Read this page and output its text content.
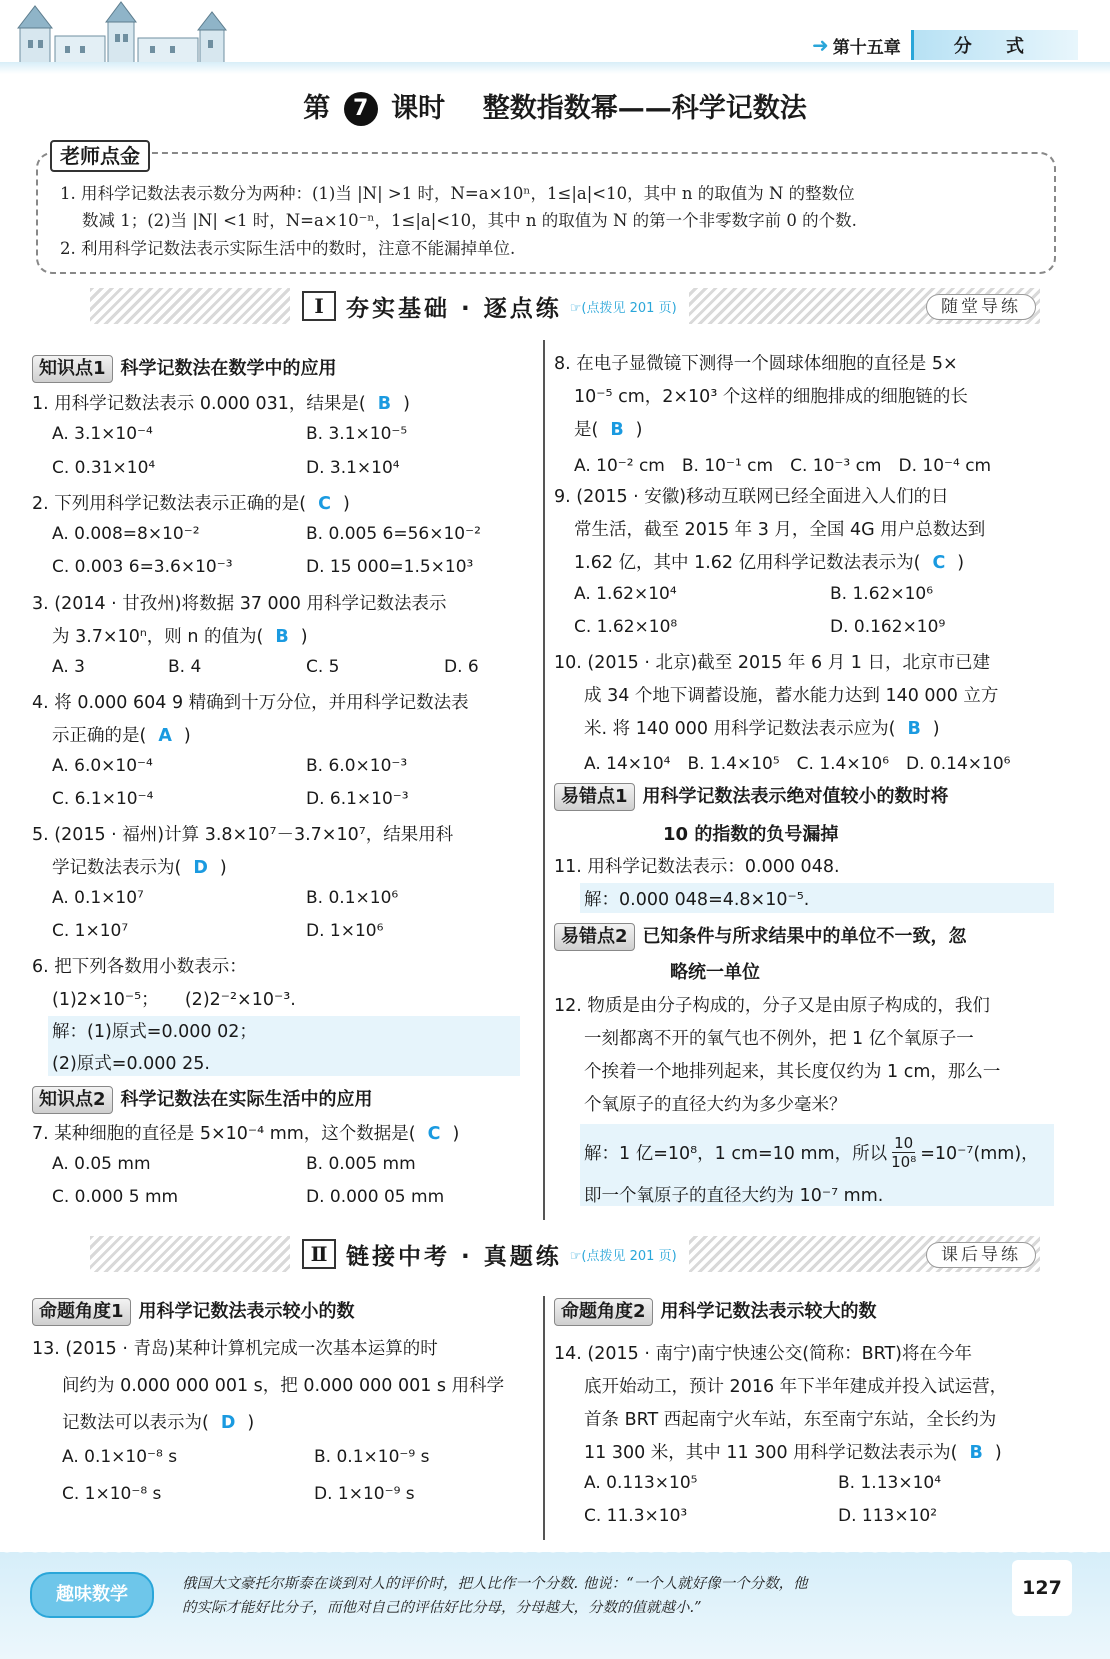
➜ 第十五章	分 式
第 7 课时 整数指数幂——科学记数法
老师点金
1. 用科学记数法表示数分为两种：(1)当 |N| >1 时，N=a×10ⁿ，1≤|a|<10，其中 n 的取值为 N 的整数位
数减 1；(2)当 |N| <1 时，N=a×10⁻ⁿ，1≤|a|<10，其中 n 的取值为 N 的第一个非零数字前 0 的个数.
2. 利用科学记数法表示实际生活中的数时，注意不能漏掉单位.
Ⅰ 夯实基础 · 逐点练 ☞(点拨见 201 页)	随堂导练
知识点1 科学记数法在数学中的应用
1. 用科学记数法表示 0.000 031，结果是( B )
A. 3.1×10⁻⁴	B. 3.1×10⁻⁵
C. 0.31×10⁴	D. 3.1×10⁴
2. 下列用科学记数法表示正确的是( C )
A. 0.008=8×10⁻²	B. 0.005 6=56×10⁻²
C. 0.003 6=3.6×10⁻³	D. 15 000=1.5×10³
3. (2014 · 甘孜州)将数据 37 000 用科学记数法表示
为 3.7×10ⁿ，则 n 的值为( B )
A. 3	B. 4	C. 5	D. 6
4. 将 0.000 604 9 精确到十万分位，并用科学记数法表
示正确的是( A )
A. 6.0×10⁻⁴	B. 6.0×10⁻³
C. 6.1×10⁻⁴	D. 6.1×10⁻³
5. (2015 · 福州)计算 3.8×10⁷－3.7×10⁷，结果用科
学记数法表示为( D )
A. 0.1×10⁷	B. 0.1×10⁶
C. 1×10⁷	D. 1×10⁶
6. 把下列各数用小数表示：
(1)2×10⁻⁵；　　(2)2⁻²×10⁻³.
解：(1)原式=0.000 02；
(2)原式=0.000 25.
知识点2 科学记数法在实际生活中的应用
7. 某种细胞的直径是 5×10⁻⁴ mm，这个数据是( C )
A. 0.05 mm	B. 0.005 mm
C. 0.000 5 mm	D. 0.000 05 mm
8. 在电子显微镜下测得一个圆球体细胞的直径是 5×
10⁻⁵ cm，2×10³ 个这样的细胞排成的细胞链的长
是( B )
A. 10⁻² cm　B. 10⁻¹ cm　C. 10⁻³ cm　D. 10⁻⁴ cm
9. (2015 · 安徽)移动互联网已经全面进入人们的日
常生活，截至 2015 年 3 月，全国 4G 用户总数达到
1.62 亿，其中 1.62 亿用科学记数法表示为( C )
A. 1.62×10⁴	B. 1.62×10⁶
C. 1.62×10⁸	D. 0.162×10⁹
10. (2015 · 北京)截至 2015 年 6 月 1 日，北京市已建
成 34 个地下调蓄设施，蓄水能力达到 140 000 立方
米. 将 140 000 用科学记数法表示应为( B )
A. 14×10⁴　B. 1.4×10⁵　C. 1.4×10⁶　D. 0.14×10⁶
易错点1 用科学记数法表示绝对值较小的数时将
10 的指数的负号漏掉
11. 用科学记数法表示：0.000 048.
解：0.000 048=4.8×10⁻⁵.
易错点2 已知条件与所求结果中的单位不一致，忽
略统一单位
12. 物质是由分子构成的，分子又是由原子构成的，我们
一刻都离不开的氧气也不例外，把 1 亿个氧原子一
个挨着一个地排列起来，其长度仅约为 1 cm，那么一
个氧原子的直径大约为多少毫米？
解：1 亿=10⁸，1 cm=10 mm，所以 $\frac{10}{\text{10⁸}} =10^{-7}(mm)$，
即一个氧原子的直径大约为 10⁻⁷ mm.
Ⅱ 链接中考 · 真题练 ☞(点拨见 201 页)	课后导练
命题角度1 用科学记数法表示较小的数
13. (2015 · 青岛)某种计算机完成一次基本运算的时
间约为 0.000 000 001 s，把 0.000 000 001 s 用科学
记数法可以表示为( D )
A. 0.1×10⁻⁸ s	B. 0.1×10⁻⁹ s
C. 1×10⁻⁸ s	D. 1×10⁻⁹ s
命题角度2 用科学记数法表示较大的数
14. (2015 · 南宁)南宁快速公交(简称：BRT)将在今年
底开始动工，预计 2016 年下半年建成并投入试运营，
首条 BRT 西起南宁火车站，东至南宁东站，全长约为
11 300 米，其中 11 300 用科学记数法表示为( B )
A. 0.113×10⁵	B. 1.13×10⁴
C. 11.3×10³	D. 113×10²
趣味数学	俄国大文豪托尔斯泰在谈到对人的评价时，把人比作一个分数. 他说：“一个人就好像一个分数，他
的实际才能好比分子，而他对自己的评估好比分母，分母越大，分数的值就越小.”
127
